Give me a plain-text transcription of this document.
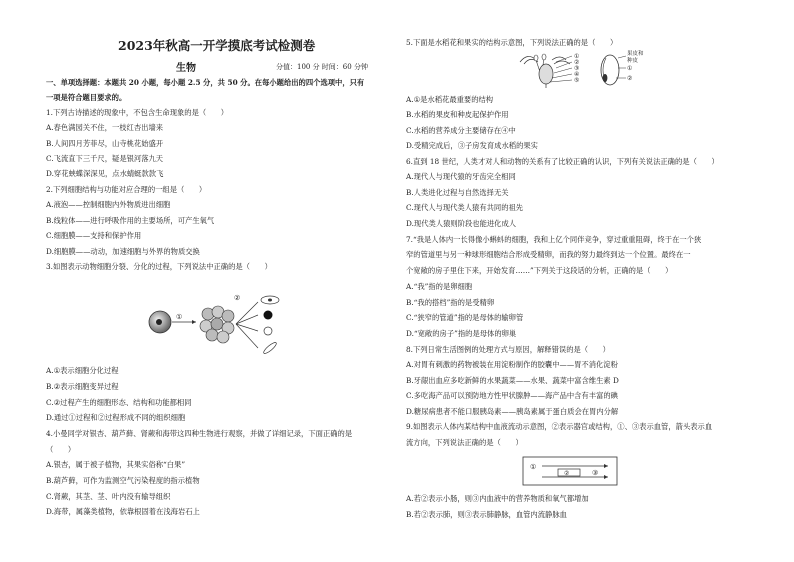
2023年秋高一开学摸底考试检测卷
生物	分值：100 分 时间：60 分钟
一、单项选择题：本题共 20 小题，每小题 2.5 分，共 50 分。在每小题给出的四个选项中，只有
一项是符合题目要求的。
1.下列古诗描述的现象中，不包含生命现象的是（　　）
A.春色满园关不住，一枝红杏出墙来
B.人间四月芳菲尽，山寺桃花始盛开
C.飞流直下三千尺，疑是银河落九天
D.穿花蛱蝶深深见，点水蜻蜓款款飞
2.下列细胞结构与功能对应合理的一组是（　　）
A.液泡——控制细胞内外物质进出细胞
B.线粒体——进行呼吸作用的主要场所，可产生氧气
C.细胞膜——支持和保护作用
D.细胞膜——动动，加速细胞与外界的物质交换
3.如图表示动物细胞分裂、分化的过程，下列说法中正确的是（　　）
①
②
A.①表示细胞分化过程
B.②表示细胞变异过程
C.②过程产生的细胞形态、结构和功能都相同
D.通过①过程和②过程形成不同的组织细胞
4.小曼同学对银杏、葫芦藓、肾蕨和海带这四种生物进行观察，并做了详细记录，下面正确的是
（　　）
A.银杏，属于被子植物，其果实俗称“白果”
B.葫芦藓，可作为监测空气污染程度的指示植物
C.肾蕨，其茎、茎、叶内没有输导组织
D.海带，属藻类植物，依靠根固着在浅海岩石上
5.下面是水稻花和果实的结构示意图，下列说法正确的是（　　）
①
②
③
④
⑤
果皮和
种皮
①
②
A.①是水稻花最重要的结构
B.水稻的果皮和种皮起保护作用
C.水稻的营养成分主要储存在④中
D.受精完成后，③子房发育成水稻的果实
6.直到 18 世纪，人类才对人和动物的关系有了比较正确的认识，下列有关说法正确的是（　　）
A.现代人与现代猿的牙齿完全相同
B.人类进化过程与自然选择无关
C.现代人与现代类人猿有共同的祖先
D.现代类人猿则阶段也能进化成人
7.“我是人体内一长得像小蝌蚪的细胞，我和上亿个同伴竞争，穿过重重阻碍，终于在一个狭
窄的管道里与另一种球形细胞结合形成受精卵，而我的努力最终到达一个位置。最终在一
个宽敞的房子里住下来，开始发育……”下列关于这段话的分析，正确的是（　　）
A.“我”指的是卵细胞
B.“我的搭档”指的是受精卵
C.“狭窄的管道”指的是母体的输卵管
D.“宽敞的房子”指的是母体的卵巢
8.下列日常生活图例的处理方式与原因，解释错误的是（　　）
A.对胃有刺激的药物被装在用淀粉制作的胶囊中——胃不消化淀粉
B.牙龈出血应多吃新鲜的水果蔬菜——水果、蔬菜中富含维生素 D
C.多吃海产品可以预防地方性甲状腺肿——海产品中含有丰富的碘
D.糖尿病患者不能口服胰岛素——胰岛素属于蛋白质会在胃内分解
9.如图表示人体内某结构中血液流动示意图，②表示器官或结构，①、③表示血管，箭头表示血
流方向，下列说法正确的是（　　）
①
②	③
A.若②表示小肠，则③内血液中的营养物质和氧气都增加
B.若②表示肺，则③表示肺静脉，血管内流静脉血
